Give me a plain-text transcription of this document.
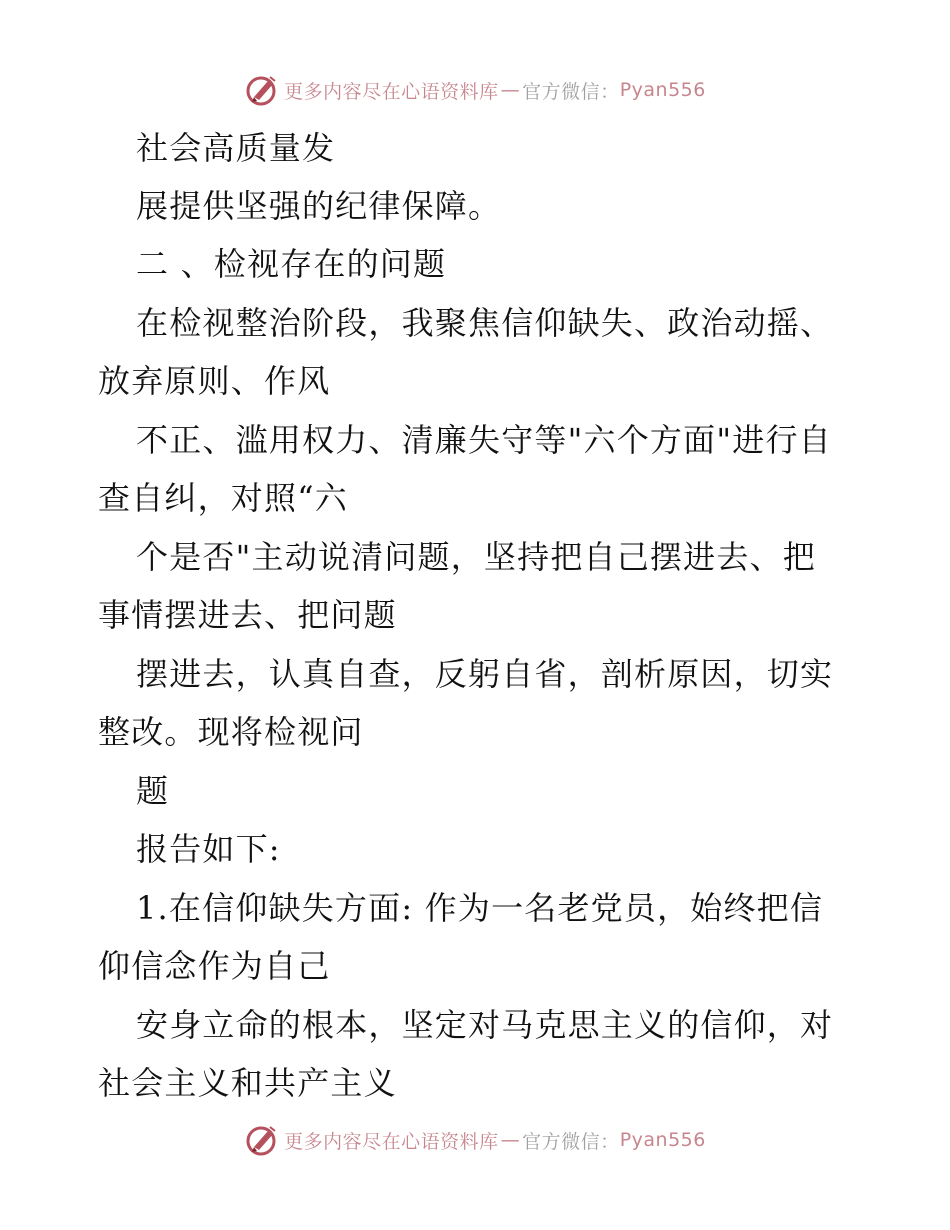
更多内容尽在心语资料库 — 官方微信： Pyan556
社会高质量发
展提供坚强的纪律保障。
二 、检视存在的问题
在检视整治阶段，我聚焦信仰缺失、政治动摇、
放弃原则、作风
不正、滥用权力、清廉失守等"六个方面"进行自
查自纠，对照“六
个是否"主动说清问题，坚持把自己摆进去、把
事情摆进去、把问题
摆进去，认真自查，反躬自省，剖析原因，切实
整改。现将检视问
题
报告如下:
1.在信仰缺失方面: 作为一名老党员，始终把信
仰信念作为自己
安身立命的根本，坚定对马克思主义的信仰，对
社会主义和共产主义
更多内容尽在心语资料库 — 官方微信： Pyan556
